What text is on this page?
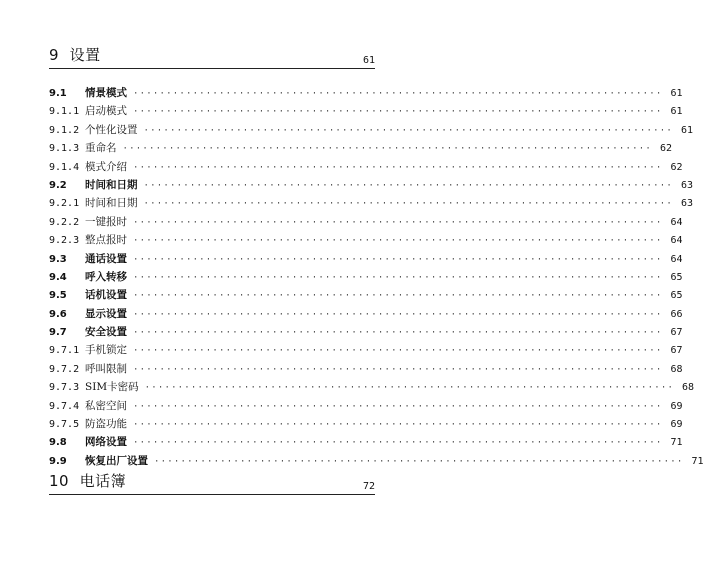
9 设置	61
9.1	情景模式 ················································································ 61
9.1.1 启动模式 ················································································ 61
9.1.2 个性化设置 ················································································ 61
9.1.3 重命名 ················································································ 62
9.1.4 模式介绍 ················································································ 62
9.2	时间和日期 ················································································ 63
9.2.1 时间和日期 ················································································ 63
9.2.2 一键报时 ················································································ 64
9.2.3 整点报时 ················································································ 64
9.3	通话设置 ················································································ 64
9.4	呼入转移 ················································································ 65
9.5	话机设置 ················································································ 65
9.6	显示设置 ················································································ 66
9.7	安全设置 ················································································ 67
9.7.1 手机锁定 ················································································ 67
9.7.2 呼叫限制 ················································································ 68
9.7.3 SIM卡密码 ················································································ 68
9.7.4 私密空间 ················································································ 69
9.7.5 防盗功能 ················································································ 69
9.8	网络设置 ················································································ 71
9.9	恢复出厂设置 ················································································ 71
10 电话簿	72
